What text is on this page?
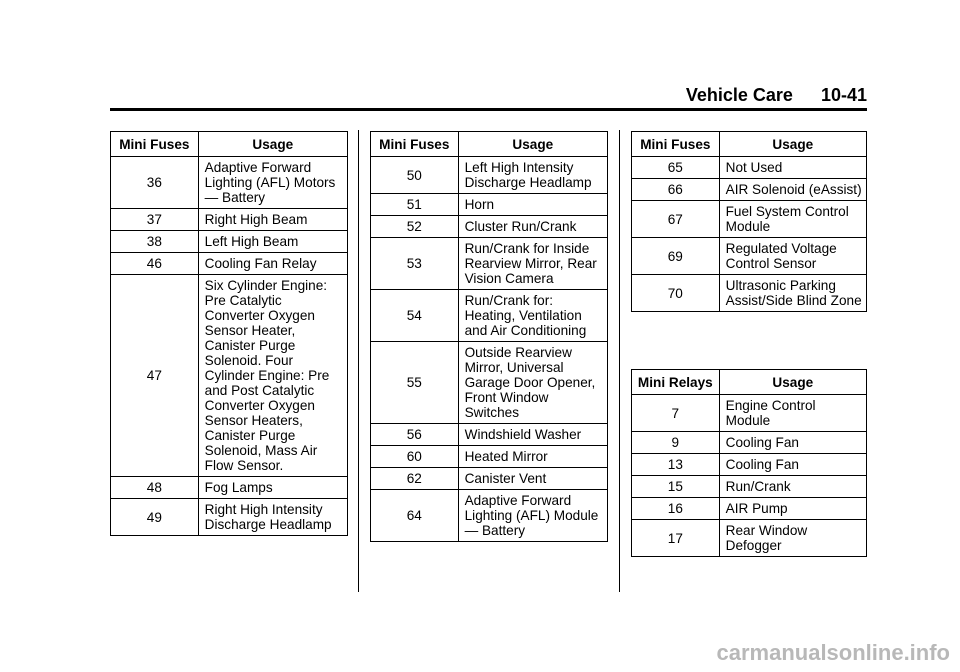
Vehicle Care 10-41
Mini Fuses	Usage
36	Adaptive Forward Lighting (AFL) Motors — Battery
37	Right High Beam
38	Left High Beam
46	Cooling Fan Relay
47	Six Cylinder Engine: Pre Catalytic Converter Oxygen Sensor Heater, Canister Purge Solenoid. Four Cylinder Engine: Pre and Post Catalytic Converter Oxygen Sensor Heaters, Canister Purge Solenoid, Mass Air Flow Sensor.
48	Fog Lamps
49	Right High Intensity Discharge Headlamp
Mini Fuses	Usage
50	Left High Intensity Discharge Headlamp
51	Horn
52	Cluster Run/Crank
53	Run/Crank for Inside Rearview Mirror, Rear Vision Camera
54	Run/Crank for: Heating, Ventilation and Air Conditioning
55	Outside Rearview Mirror, Universal Garage Door Opener, Front Window Switches
56	Windshield Washer
60	Heated Mirror
62	Canister Vent
64	Adaptive Forward Lighting (AFL) Module — Battery
Mini Fuses	Usage
65	Not Used
66	AIR Solenoid (eAssist)
67	Fuel System Control Module
69	Regulated Voltage Control Sensor
70	Ultrasonic Parking Assist/Side Blind Zone
Mini Relays	Usage
7	Engine Control Module
9	Cooling Fan
13	Cooling Fan
15	Run/Crank
16	AIR Pump
17	Rear Window Defogger
carmanualsonline.info
